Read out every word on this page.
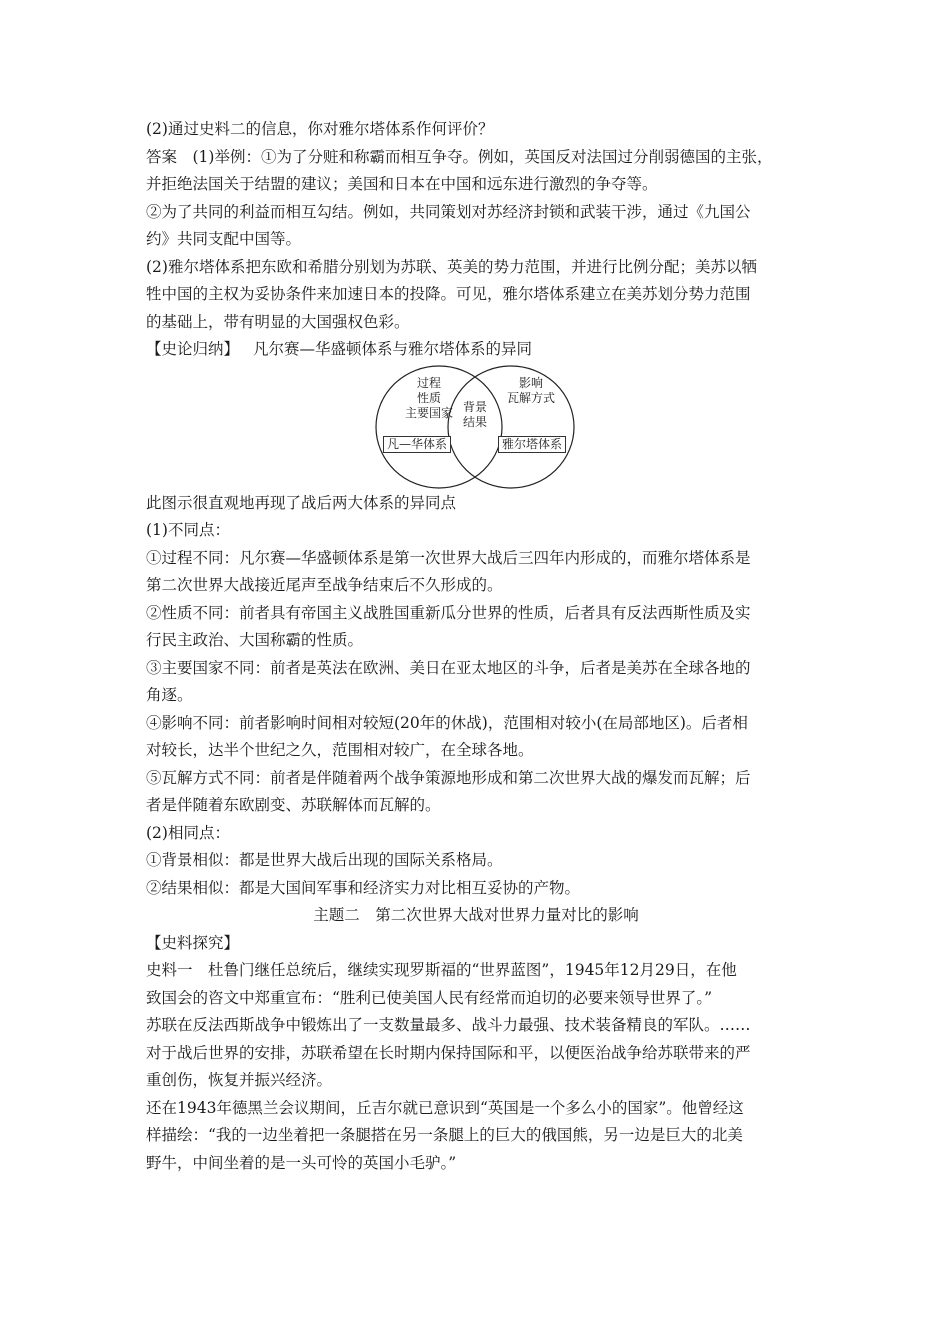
(2)通过史料二的信息，你对雅尔塔体系作何评价？
答案　(1)举例：①为了分赃和称霸而相互争夺。例如，英国反对法国过分削弱德国的主张，
并拒绝法国关于结盟的建议；美国和日本在中国和远东进行激烈的争夺等。
②为了共同的利益而相互勾结。例如，共同策划对苏经济封锁和武装干涉，通过《九国公
约》共同支配中国等。
(2)雅尔塔体系把东欧和希腊分别划为苏联、英美的势力范围，并进行比例分配；美苏以牺
牲中国的主权为妥协条件来加速日本的投降。可见，雅尔塔体系建立在美苏划分势力范围
的基础上，带有明显的大国强权色彩。
【史论归纳】 凡尔赛—华盛顿体系与雅尔塔体系的异同
过程
性质
主要国家
凡—华体系
背景
结果
影响
瓦解方式
雅尔塔体系
此图示很直观地再现了战后两大体系的异同点
(1)不同点：
①过程不同：凡尔赛—华盛顿体系是第一次世界大战后三四年内形成的，而雅尔塔体系是
第二次世界大战接近尾声至战争结束后不久形成的。
②性质不同：前者具有帝国主义战胜国重新瓜分世界的性质，后者具有反法西斯性质及实
行民主政治、大国称霸的性质。
③主要国家不同：前者是英法在欧洲、美日在亚太地区的斗争，后者是美苏在全球各地的
角逐。
④影响不同：前者影响时间相对较短(20年的休战)，范围相对较小(在局部地区)。后者相
对较长，达半个世纪之久，范围相对较广，在全球各地。
⑤瓦解方式不同：前者是伴随着两个战争策源地形成和第二次世界大战的爆发而瓦解；后
者是伴随着东欧剧变、苏联解体而瓦解的。
(2)相同点：
①背景相似：都是世界大战后出现的国际关系格局。
②结果相似：都是大国间军事和经济实力对比相互妥协的产物。
主题二　第二次世界大战对世界力量对比的影响
【史料探究】
史料一　杜鲁门继任总统后，继续实现罗斯福的“世界蓝图”，1945年12月29日，在他
致国会的咨文中郑重宣布：“胜利已使美国人民有经常而迫切的必要来领导世界了。”
苏联在反法西斯战争中锻炼出了一支数量最多、战斗力最强、技术装备精良的军队。……
对于战后世界的安排，苏联希望在长时期内保持国际和平，以便医治战争给苏联带来的严
重创伤，恢复并振兴经济。
还在1943年德黑兰会议期间，丘吉尔就已意识到“英国是一个多么小的国家”。他曾经这
样描绘：“我的一边坐着把一条腿搭在另一条腿上的巨大的俄国熊，另一边是巨大的北美
野牛，中间坐着的是一头可怜的英国小毛驴。”
